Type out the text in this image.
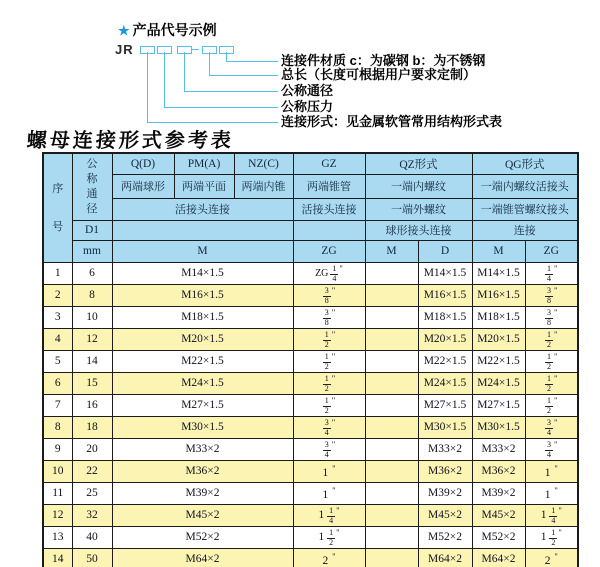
★ 产品代号示例
JR
连接件材质 c：为碳钢 b：为不锈钢
总长（长度可根据用户要求定制）
公称通径
公称压力
连接形式：见金属软管常用结构形式表
螺母连接形式参考表
序号	公称通径	Q(D)	PM(A)	NZ(C)	GZ	QZ形式		QG形式	
		两端球形	两端平面	两端内锥	两端锥管	一端内螺纹		一端内螺纹活接头	
		活接头连接			活接头连接	一端外螺纹		一端锥管螺纹接头	
	D1					球形接头连接		连接	
	mm	M			ZG	M	D	M	ZG
1	6	M14×1.5			ZG $\frac{1}{4} ^"$		M14×1.5	M14×1.5	$\frac{1}{4} ^"$
2	8	M16×1.5			$\frac{3}{8} ^"$		M16×1.5	M16×1.5	$\frac{3}{8} ^"$
3	10	M18×1.5			$\frac{3}{8} ^"$		M18×1.5	M18×1.5	$\frac{3}{8} ^"$
4	12	M20×1.5			$\frac{1}{2} ^"$		M20×1.5	M20×1.5	$\frac{1}{2} ^"$
5	14	M22×1.5			$\frac{1}{2} ^"$		M22×1.5	M22×1.5	$\frac{1}{2} ^"$
6	15	M24×1.5			$\frac{1}{2} ^"$		M24×1.5	M24×1.5	$\frac{1}{2} ^"$
7	16	M27×1.5			$\frac{1}{2} ^"$		M27×1.5	M27×1.5	$\frac{1}{2} ^"$
8	18	M30×1.5			$\frac{3}{4} ^"$		M30×1.5	M30×1.5	$\frac{3}{4} ^"$
9	20	M33×2			$\frac{3}{4} ^"$		M33×2	M33×2	$\frac{3}{4} ^"$
10	22	M36×2			1 "		M36×2	M36×2	1 "
11	25	M39×2			1 "		M39×2	M39×2	1 "
12	32	M45×2			$1 \frac{1}{4} ^"$		M45×2	M45×2	$1 \frac{1}{4} ^"$
13	40	M52×2			$1 \frac{1}{2} ^"$		M52×2	M52×2	$1 \frac{1}{2} ^"$
14	50	M64×2			2 "		M64×2	M64×2	2 "
